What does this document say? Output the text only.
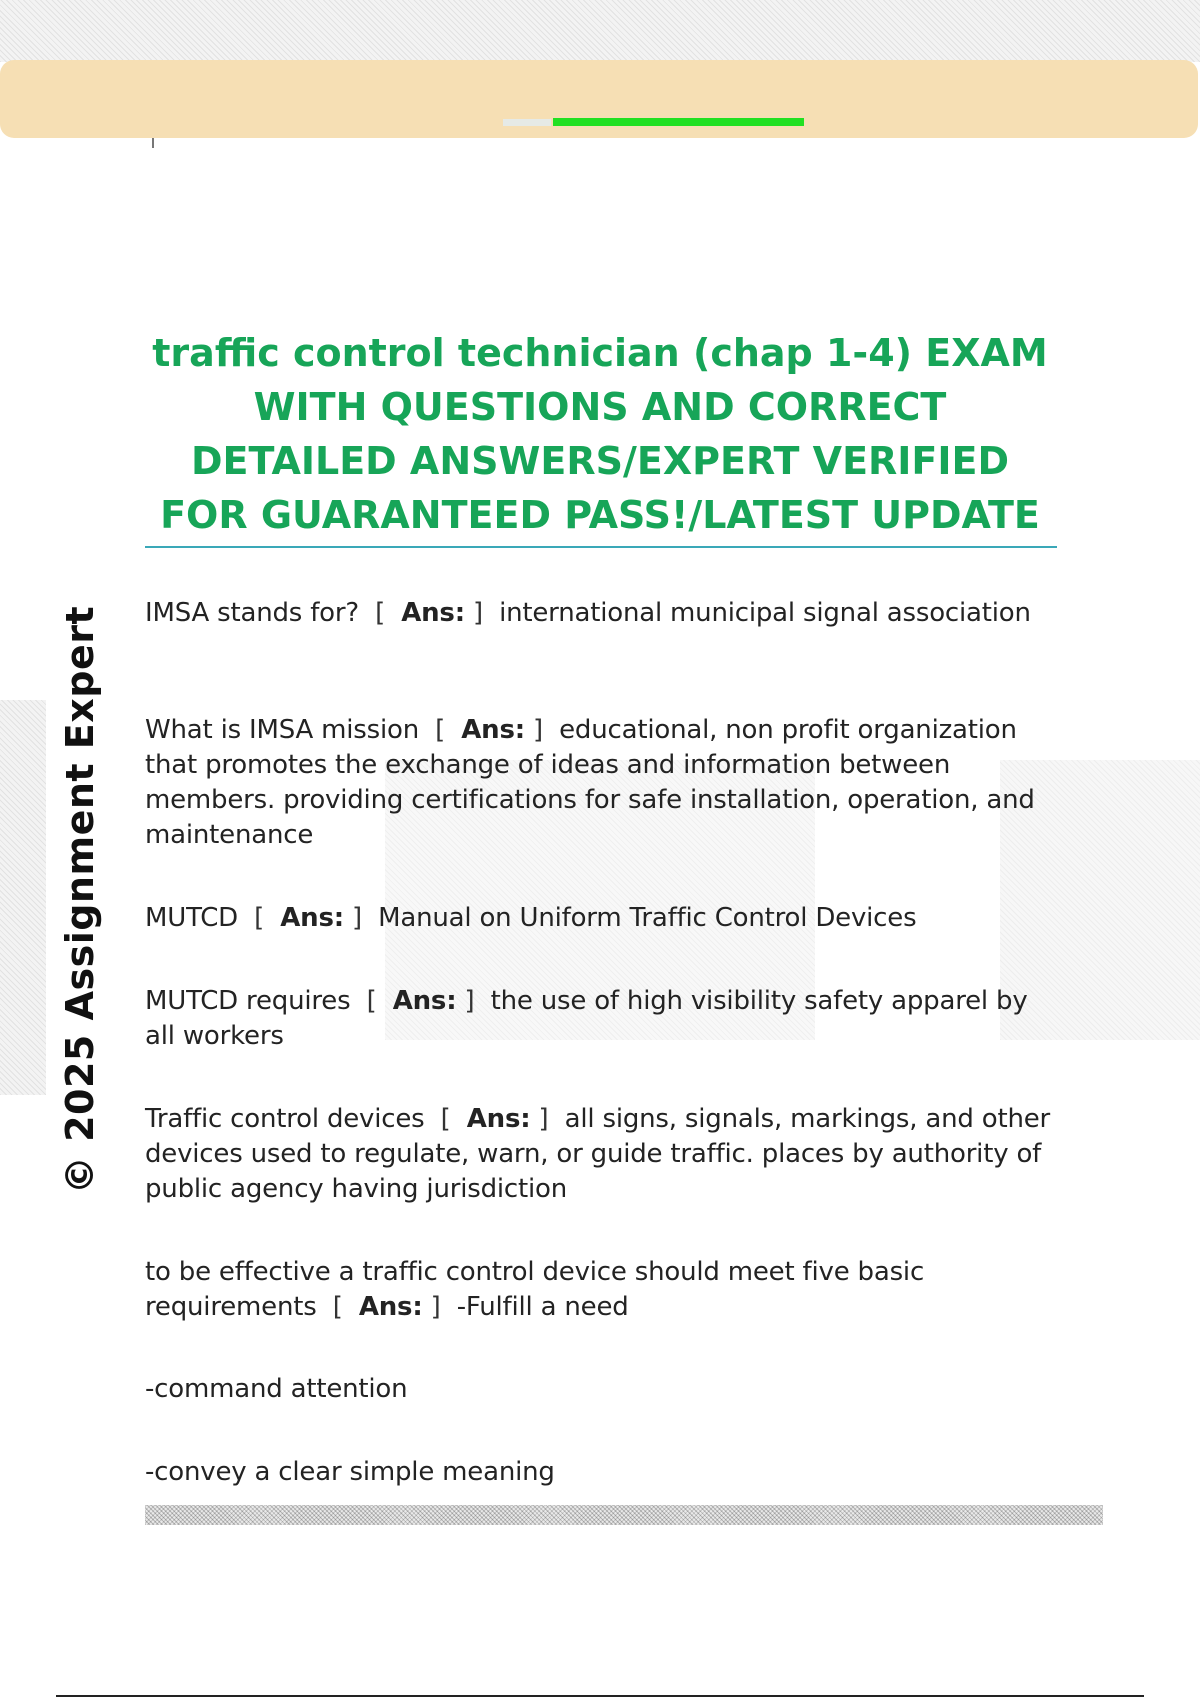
© 2025 Assignment Expert
traffic control technician (chap 1-4) EXAM WITH QUESTIONS AND CORRECT DETAILED ANSWERS/EXPERT VERIFIED FOR GUARANTEED PASS!/LATEST UPDATE
IMSA stands for? [ Ans: ] international municipal signal association
What is IMSA mission [ Ans: ] educational, non profit organization that promotes the exchange of ideas and information between members. providing certifications for safe installation, operation, and maintenance
MUTCD [ Ans: ] Manual on Uniform Traffic Control Devices
MUTCD requires [ Ans: ] the use of high visibility safety apparel by all workers
Traffic control devices [ Ans: ] all signs, signals, markings, and other devices used to regulate, warn, or guide traffic. places by authority of public agency having jurisdiction
to be effective a traffic control device should meet five basic requirements [ Ans: ] -Fulfill a need
-command attention
-convey a clear simple meaning
